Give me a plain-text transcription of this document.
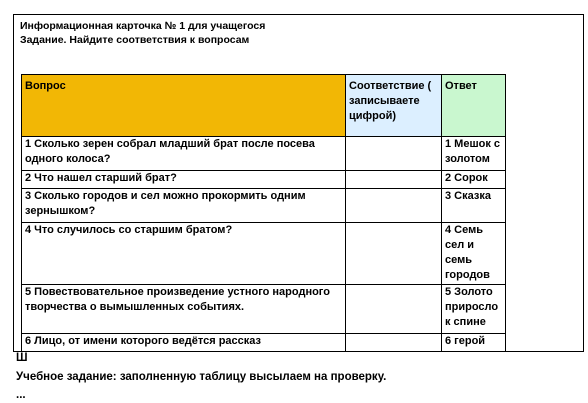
Информационная карточка № 1 для учащегося
Задание. Найдите соответствия к вопросам
Вопрос	Соответствие ( записываете цифрой)	Ответ
1 Сколько зерен собрал младший брат после посева одного колоса?		1 Мешок с золотом
2 Что нашел старший брат?		2 Сорок
3 Сколько городов и сел можно прокормить одним зернышком?		3 Сказка
4 Что случилось со старшим братом?		4 Семь сел и семь городов
5 Повествовательное произведение устного народного творчества о вымышленных событиях.		5 Золото приросло к спине
6 Лицо, от имени которого ведётся рассказ		6 герой
Ш
Учебное задание: заполненную таблицу высылаем на проверку.
...
